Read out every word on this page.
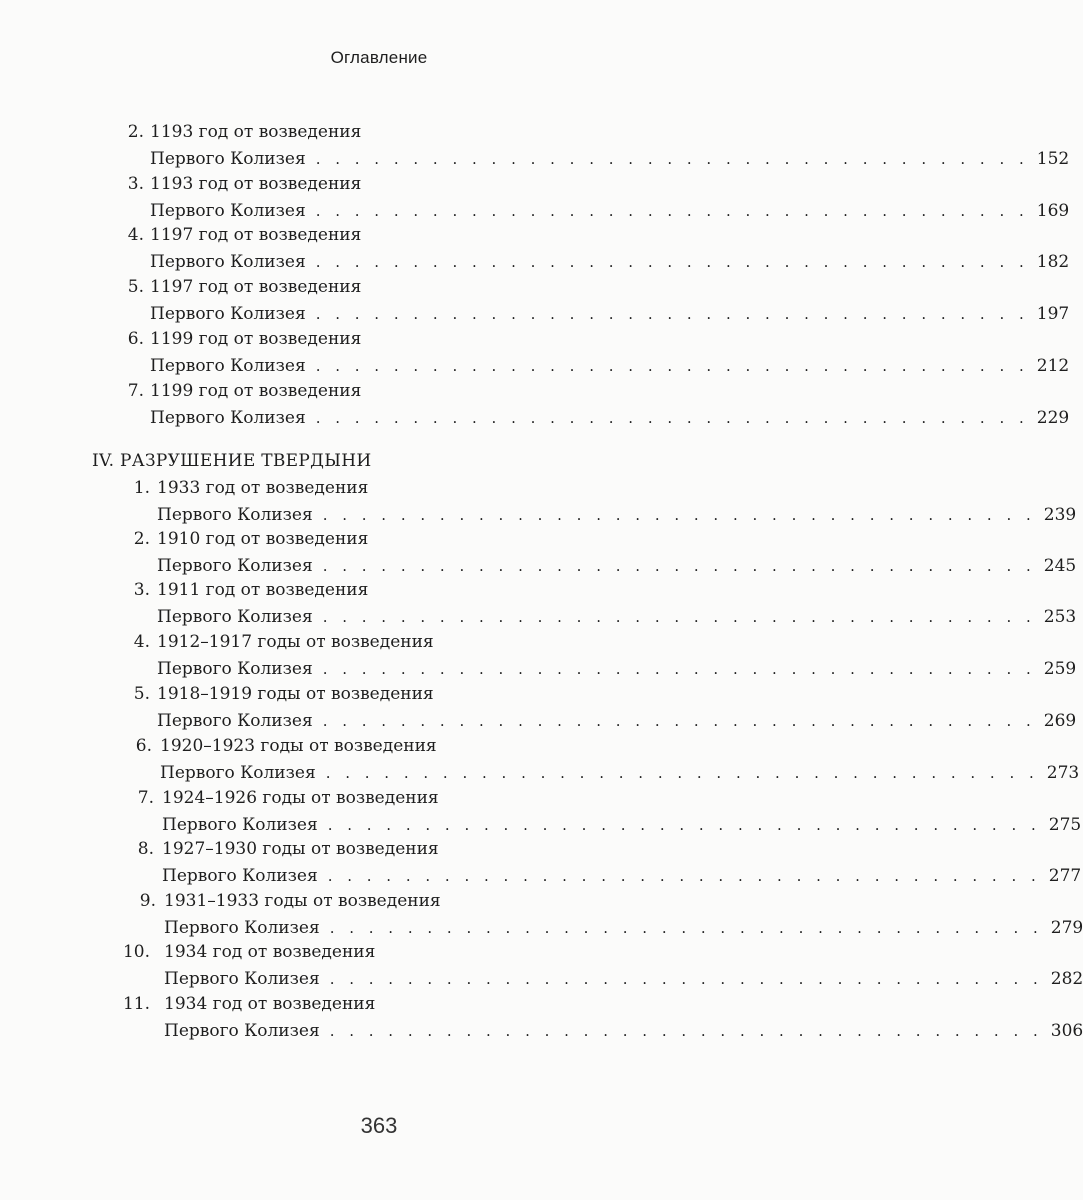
Оглавление
2. 1193 год от возведения
Первого Колизея . . . . . . . . . . . . . . . . . . . . . . . . . . . . . . . . . . . . . 152
3. 1193 год от возведения
Первого Колизея . . . . . . . . . . . . . . . . . . . . . . . . . . . . . . . . . . . . . 169
4. 1197 год от возведения
Первого Колизея . . . . . . . . . . . . . . . . . . . . . . . . . . . . . . . . . . . . . 182
5. 1197 год от возведения
Первого Колизея . . . . . . . . . . . . . . . . . . . . . . . . . . . . . . . . . . . . . 197
6. 1199 год от возведения
Первого Колизея . . . . . . . . . . . . . . . . . . . . . . . . . . . . . . . . . . . . . 212
7. 1199 год от возведения
Первого Колизея . . . . . . . . . . . . . . . . . . . . . . . . . . . . . . . . . . . . . 229
IV. РАЗРУШЕНИЕ ТВЕРДЫНИ
1. 1933 год от возведения
Первого Колизея . . . . . . . . . . . . . . . . . . . . . . . . . . . . . . . . . . . . . 239
2. 1910 год от возведения
Первого Колизея . . . . . . . . . . . . . . . . . . . . . . . . . . . . . . . . . . . . . 245
3. 1911 год от возведения
Первого Колизея . . . . . . . . . . . . . . . . . . . . . . . . . . . . . . . . . . . . . 253
4. 1912–1917 годы от возведения
Первого Колизея . . . . . . . . . . . . . . . . . . . . . . . . . . . . . . . . . . . . . 259
5. 1918–1919 годы от возведения
Первого Колизея . . . . . . . . . . . . . . . . . . . . . . . . . . . . . . . . . . . . . 269
6. 1920–1923 годы от возведения
Первого Колизея . . . . . . . . . . . . . . . . . . . . . . . . . . . . . . . . . . . . . 273
7. 1924–1926 годы от возведения
Первого Колизея . . . . . . . . . . . . . . . . . . . . . . . . . . . . . . . . . . . . . 275
8. 1927–1930 годы от возведения
Первого Колизея . . . . . . . . . . . . . . . . . . . . . . . . . . . . . . . . . . . . . 277
9. 1931–1933 годы от возведения
Первого Колизея . . . . . . . . . . . . . . . . . . . . . . . . . . . . . . . . . . . . . 279
10. 1934 год от возведения
Первого Колизея . . . . . . . . . . . . . . . . . . . . . . . . . . . . . . . . . . . . . 282
11. 1934 год от возведения
Первого Колизея . . . . . . . . . . . . . . . . . . . . . . . . . . . . . . . . . . . . . 306
363
